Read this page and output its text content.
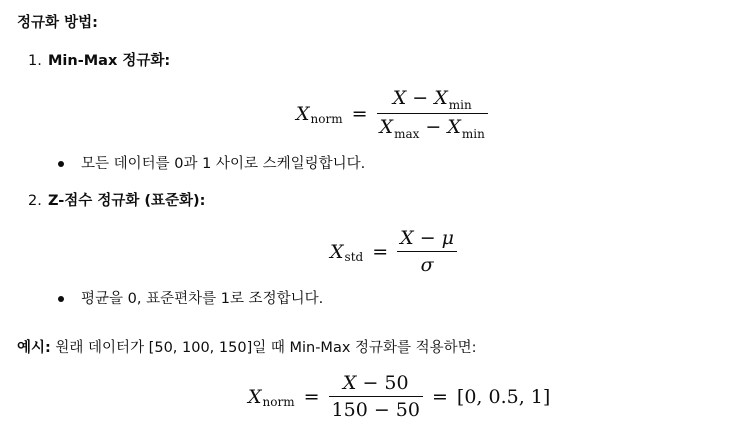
정규화 방법:
1. Min-Max 정규화:
X norm = $\frac{X - X_{min}}{X_{max} - X_{min}}$
모든 데이터를 0과 1 사이로 스케일링합니다.
2. Z-점수 정규화 (표준화):
X std = $\frac{X - \mu}{\sigma}$
평균을 0, 표준편차를 1로 조정합니다.
예시: 원래 데이터가 [50, 100, 150]일 때 Min-Max 정규화를 적용하면:
X norm = $\frac{X - 50}{150 - 50} = [0$, 0.5, 1]
